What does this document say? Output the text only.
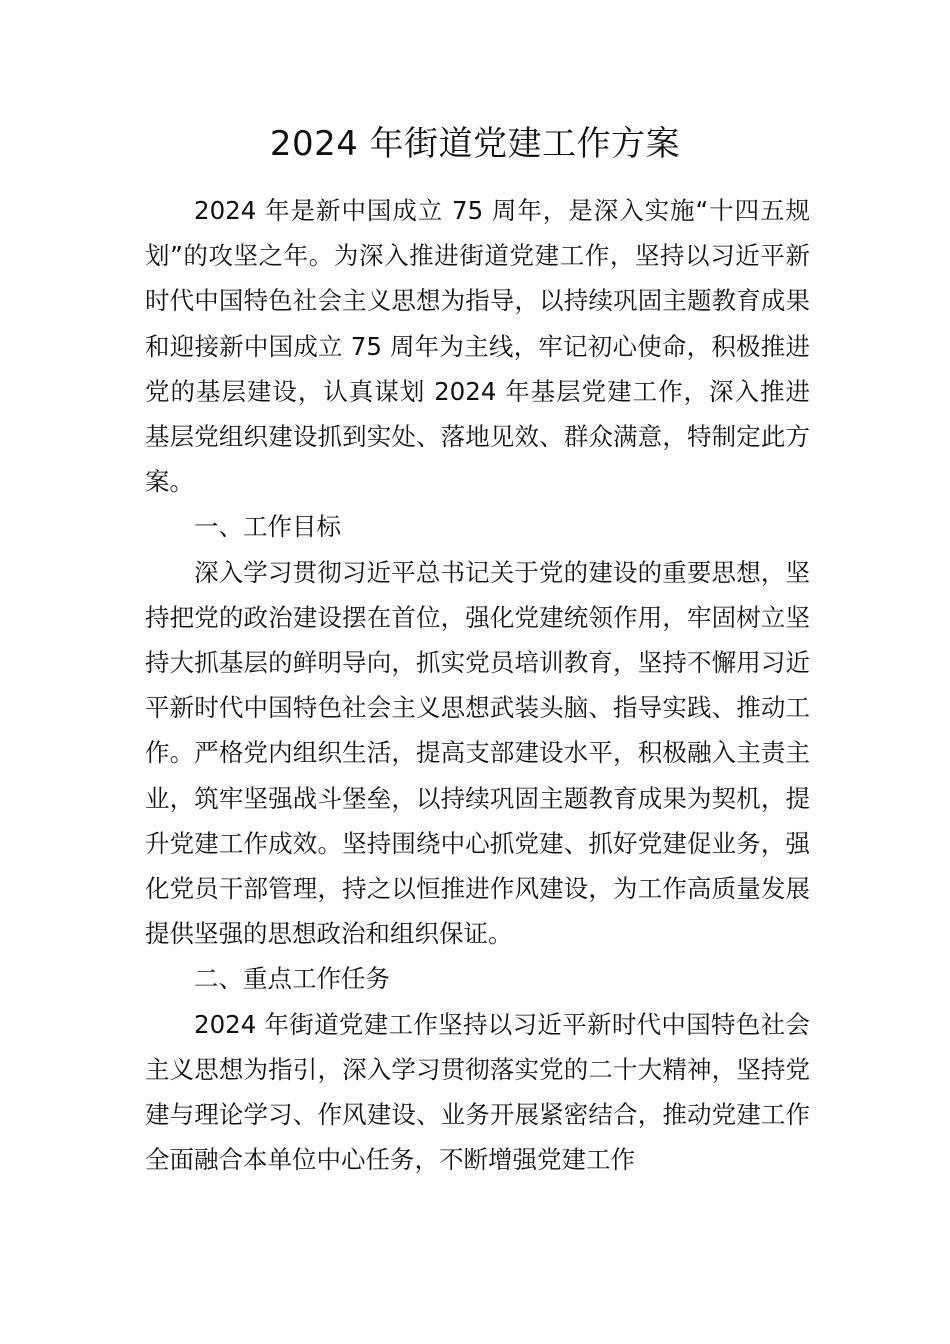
2024 年街道党建工作方案

2024 年是新中国成立 75 周年，是深入实施“十四五规划”的攻坚之年。为深入推进街道党建工作，坚持以习近平新时代中国特色社会主义思想为指导，以持续巩固主题教育成果和迎接新中国成立 75 周年为主线，牢记初心使命，积极推进党的基层建设，认真谋划 2024 年基层党建工作，深入推进基层党组织建设抓到实处、落地见效、群众满意，特制定此方案。

一、工作目标

深入学习贯彻习近平总书记关于党的建设的重要思想，坚持把党的政治建设摆在首位，强化党建统领作用，牢固树立坚持大抓基层的鲜明导向，抓实党员培训教育，坚持不懈用习近平新时代中国特色社会主义思想武装头脑、指导实践、推动工作。严格党内组织生活，提高支部建设水平，积极融入主责主业，筑牢坚强战斗堡垒，以持续巩固主题教育成果为契机，提升党建工作成效。坚持围绕中心抓党建、抓好党建促业务，强化党员干部管理，持之以恒推进作风建设，为工作高质量发展提供坚强的思想政治和组织保证。

二、重点工作任务

2024 年街道党建工作坚持以习近平新时代中国特色社会主义思想为指引，深入学习贯彻落实党的二十大精神，坚持党建与理论学习、作风建设、业务开展紧密结合，推动党建工作全面融合本单位中心任务，不断增强党建工作
